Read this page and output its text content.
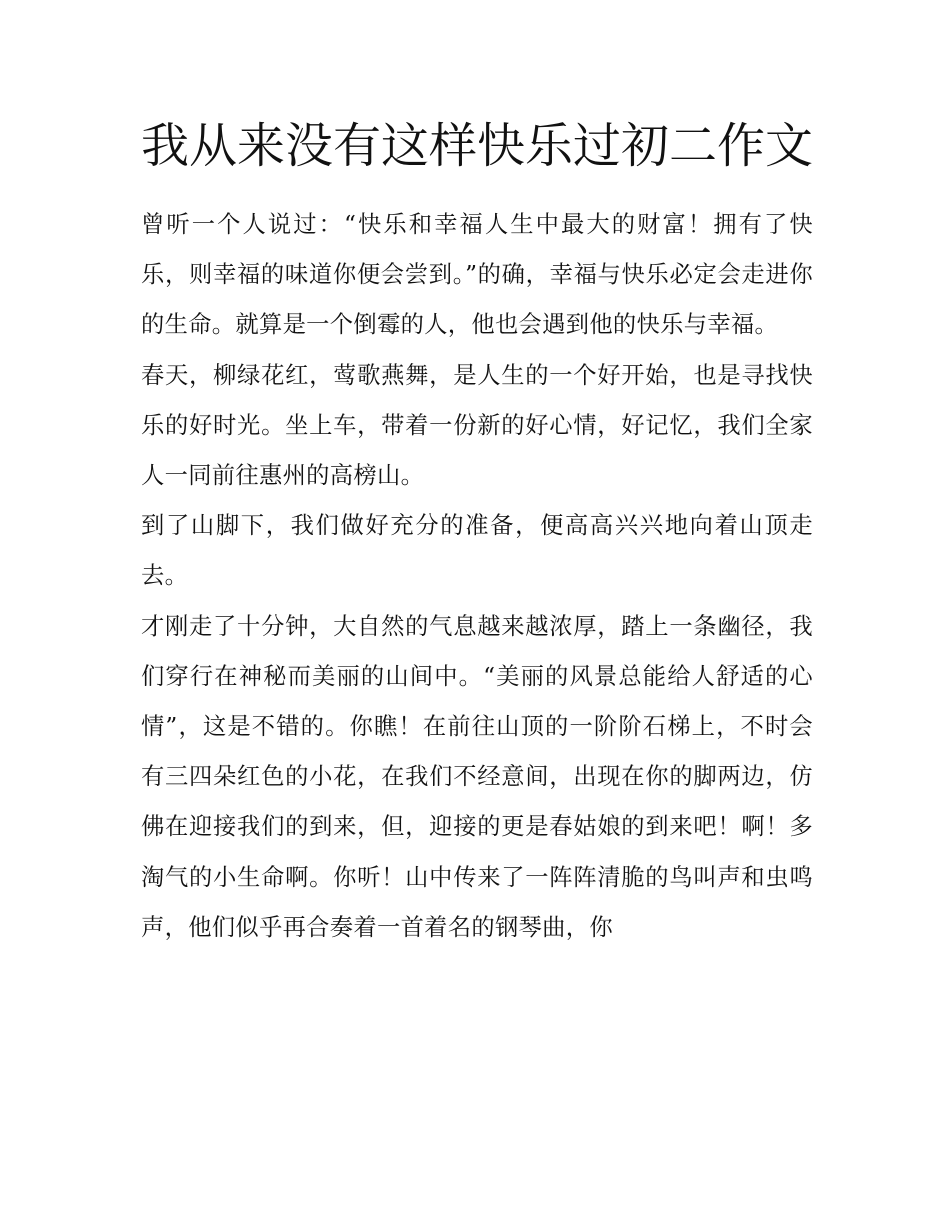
我从来没有这样快乐过初二作文

曾听一个人说过：“快乐和幸福人生中最大的财富！拥有了快乐，则幸福的味道你便会尝到。”的确，幸福与快乐必定会走进你的生命。就算是一个倒霉的人，他也会遇到他的快乐与幸福。

春天，柳绿花红，莺歌燕舞，是人生的一个好开始，也是寻找快乐的好时光。坐上车，带着一份新的好心情，好记忆，我们全家人一同前往惠州的高榜山。

到了山脚下，我们做好充分的准备，便高高兴兴地向着山顶走去。

才刚走了十分钟，大自然的气息越来越浓厚，踏上一条幽径，我们穿行在神秘而美丽的山间中。“美丽的风景总能给人舒适的心情”，这是不错的。你瞧！在前往山顶的一阶阶石梯上，不时会有三四朵红色的小花，在我们不经意间，出现在你的脚两边，仿佛在迎接我们的到来，但，迎接的更是春姑娘的到来吧！啊！多淘气的小生命啊。你听！山中传来了一阵阵清脆的鸟叫声和虫鸣声，他们似乎再合奏着一首着名的钢琴曲，你
